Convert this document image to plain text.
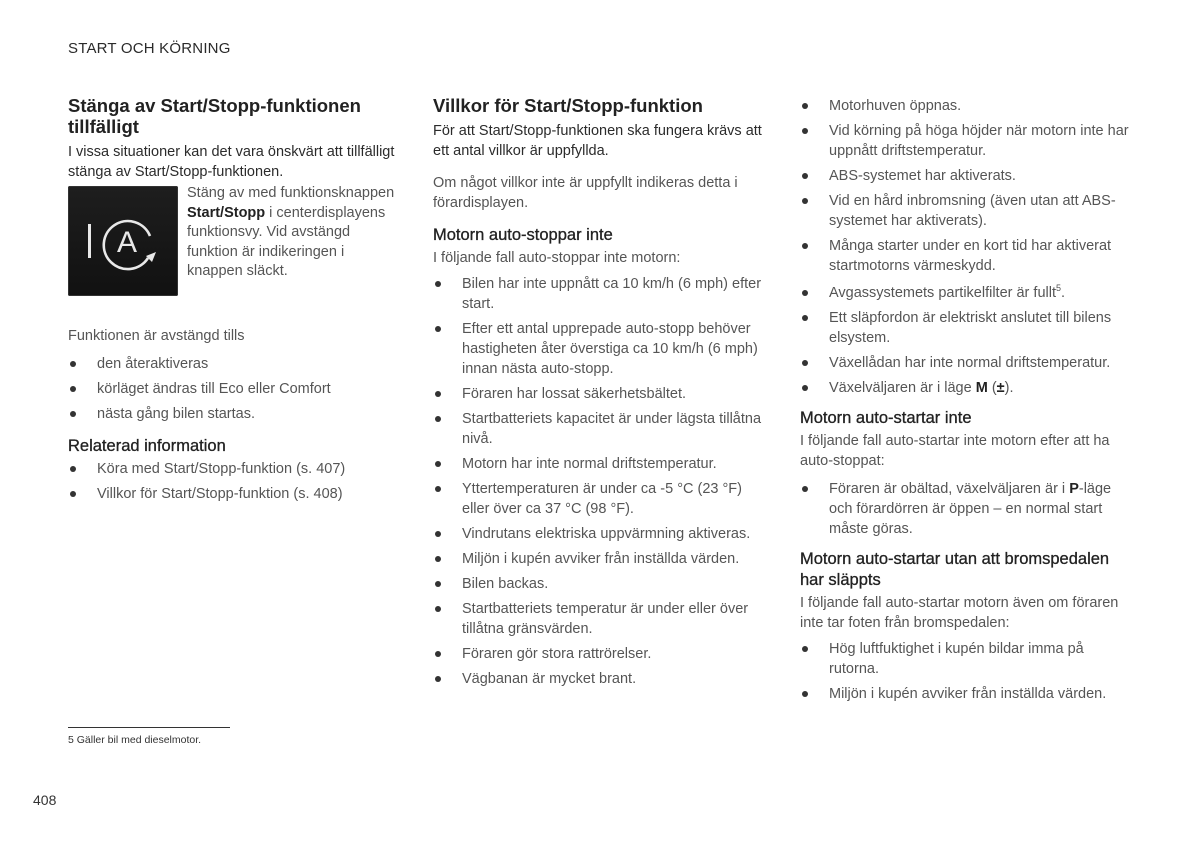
START OCH KÖRNING
Stänga av Start/Stopp-funktionen tillfälligt

I vissa situationer kan det vara önskvärt att tillfälligt stänga av Start/Stopp-funktionen.

A
Stäng av med funktionsknappen Start/Stopp i centerdisplayens funktionsvy. Vid avstängd funktion är indikeringen i knappen släckt.

Funktionen är avstängd tills

den återaktiveras
körläget ändras till Eco eller Comfort
nästa gång bilen startas.
Relaterad information
Köra med Start/Stopp-funktion (s. 407)
Villkor för Start/Stopp-funktion (s. 408)
Villkor för Start/Stopp-funktion

För att Start/Stopp-funktionen ska fungera krävs att ett antal villkor är uppfyllda.

Om något villkor inte är uppfyllt indikeras detta i förardisplayen.

Motorn auto-stoppar inte

I följande fall auto-stoppar inte motorn:

Bilen har inte uppnått ca 10 km/h (6 mph) efter start.
Efter ett antal upprepade auto-stopp behöver hastigheten åter överstiga ca 10 km/h (6 mph) innan nästa auto-stopp.
Föraren har lossat säkerhetsbältet.
Startbatteriets kapacitet är under lägsta tillåtna nivå.
Motorn har inte normal driftstemperatur.
Yttertemperaturen är under ca -5 °C (23 °F) eller över ca 37 °C (98 °F).
Vindrutans elektriska uppvärmning aktiveras.
Miljön i kupén avviker från inställda värden.
Bilen backas.
Startbatteriets temperatur är under eller över tillåtna gränsvärden.
Föraren gör stora rattrörelser.
Vägbanan är mycket brant.
Motorhuven öppnas.
Vid körning på höga höjder när motorn inte har uppnått driftstemperatur.
ABS-systemet har aktiverats.
Vid en hård inbromsning (även utan att ABS-systemet har aktiverats).
Många starter under en kort tid har aktiverat startmotorns värmeskydd.
Avgassystemets partikelfilter är fullt$^5$.
Ett släpfordon är elektriskt anslutet till bilens elsystem.
Växellådan har inte normal driftstemperatur.
Växelväljaren är i läge M (±).
Motorn auto-startar inte

I följande fall auto-startar inte motorn efter att ha auto-stoppat:

Föraren är obältad, växelväljaren är i P-läge och förardörren är öppen – en normal start måste göras.
Motorn auto-startar utan att bromspedalen har släppts

I följande fall auto-startar motorn även om föraren inte tar foten från bromspedalen:

Hög luftfuktighet i kupén bildar imma på rutorna.
Miljön i kupén avviker från inställda värden.
5 Gäller bil med dieselmotor.
408
